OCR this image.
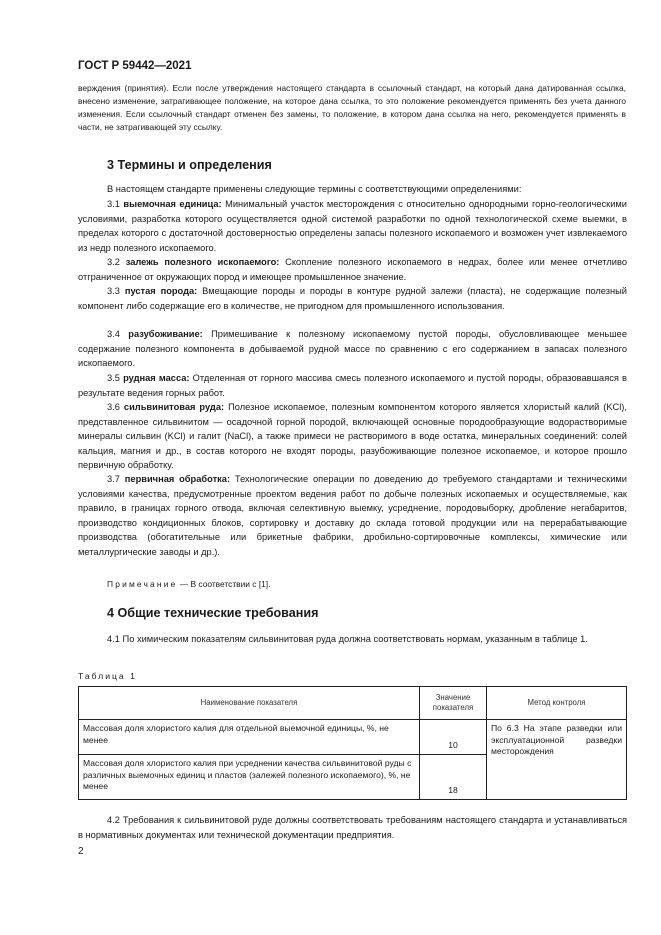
ГОСТ Р 59442—2021

верждения (принятия). Если после утверждения настоящего стандарта в ссылочный стандарт, на который дана датированная ссылка, внесено изменение, затрагивающее положение, на которое дана ссылка, то это положение рекомендуется применять без учета данного изменения. Если ссылочный стандарт отменен без замены, то положение, в котором дана ссылка на него, рекомендуется применять в части, не затрагивающей эту ссылку.

3 Термины и определения

В настоящем стандарте применены следующие термины с соответствующими определениями:

3.1 выемочная единица: Минимальный участок месторождения с относительно однородными горно-геологическими условиями, разработка которого осуществляется одной системой разработки по одной технологической схеме выемки, в пределах которого с достаточной достоверностью определены запасы полезного ископаемого и возможен учет извлекаемого из недр полезного ископаемого.

3.2 залежь полезного ископаемого: Скопление полезного ископаемого в недрах, более или менее отчетливо отграниченное от окружающих пород и имеющее промышленное значение.

3.3 пустая порода: Вмещающие породы и породы в контуре рудной залежи (пласта), не содержащие полезный компонент либо содержащие его в количестве, не пригодном для промышленного использования.

3.4 разубоживание: Примешивание к полезному ископаемому пустой породы, обусловливающее меньшее содержание полезного компонента в добываемой рудной массе по сравнению с его содержанием в запасах полезного ископаемого.

3.5 рудная масса: Отделенная от горного массива смесь полезного ископаемого и пустой породы, образовавшаяся в результате ведения горных работ.

3.6 сильвинитовая руда: Полезное ископаемое, полезным компонентом которого является хлористый калий (KCl), представленное сильвинитом — осадочной горной породой, включающей основные породообразующие водорастворимые минералы сильвин (KCl) и галит (NaCl), а также примеси не растворимого в воде остатка, минеральных соединений: солей кальция, магния и др., в состав которого не входят породы, разубоживающие полезное ископаемое, и которое прошло первичную обработку.

3.7 первичная обработка: Технологические операции по доведению до требуемого стандартами и техническими условиями качества, предусмотренные проектом ведения работ по добыче полезных ископаемых и осуществляемые, как правило, в границах горного отвода, включая селективную выемку, усреднение, породовыборку, дробление негабаритов, производство кондиционных блоков, сортировку и доставку до склада готовой продукции или на перерабатывающие производства (обогатительные или брикетные фабрики, дробильно-сортировочные комплексы, химические или металлургические заводы и др.).

Примечание — В соответствии с [1].

4 Общие технические требования

4.1 По химическим показателям сильвинитовая руда должна соответствовать нормам, указанным в таблице 1.

Таблица 1
Наименование показателя	Значение показателя	Метод контроля
Массовая доля хлористого калия для отдельной выемочной единицы, %, не менее	10	По 6.3 На этапе разведки или эксплуатационной разведки месторождения
Массовая доля хлористого калия при усреднении качества сильвинитовой руды с различных выемочных единиц и пластов (залежей полезного ископаемого), %, не менее	18	

4.2 Требования к сильвинитовой руде должны соответствовать требованиям настоящего стандарта и устанавливаться в нормативных документах или технической документации предприятия.

2
